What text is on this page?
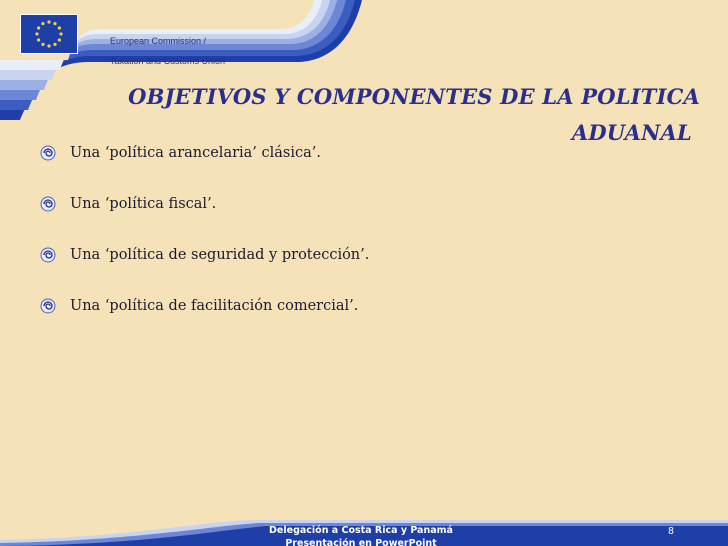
European Commission /
Taxation and Customs Union
OBJETIVOS Y COMPONENTES DE LA POLITICA
ADUANAL
Una ‘política arancelaria’ clásica’.
Una ‘política fiscal’.
Una ‘política de seguridad y protección’.
Una ‘política de facilitación comercial’.
Delegación a Costa Rica y Panamá
Presentación en PowerPoint
8
